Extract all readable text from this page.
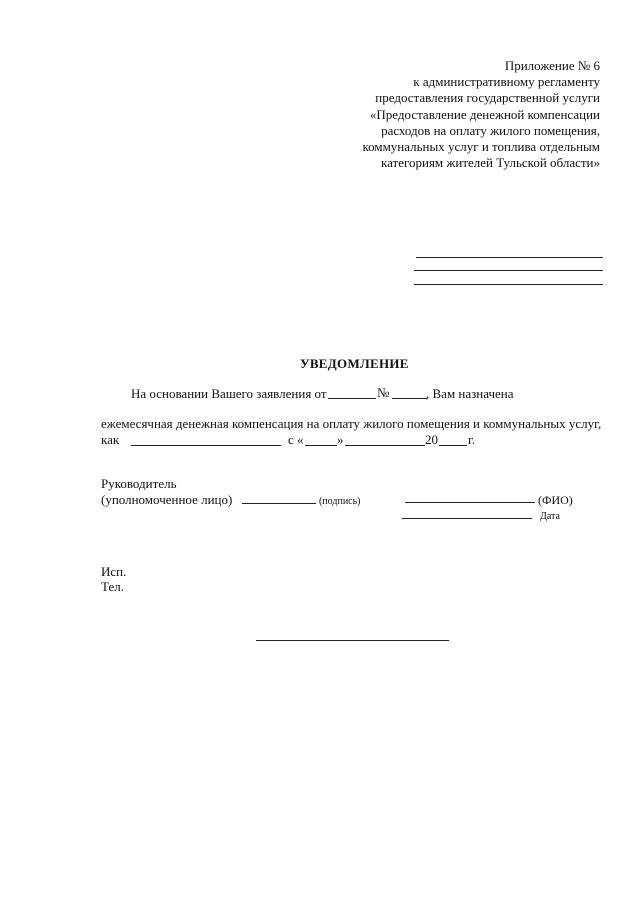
Приложение № 6
к административному регламенту
предоставления государственной услуги
«Предоставление денежной компенсации
расходов на оплату жилого помещения,
коммунальных услуг и топлива отдельным
категориям жителей Тульской области»
УВЕДОМЛЕНИЕ
На основании Вашего заявления от	№	, Вам назначена
ежемесячная денежная компенсация на оплату жилого помещения и коммунальных услуг,
как	с «	»	20 г.
Руководитель
(уполномоченное лицо)	(подпись)	(ФИО)
Дата
Исп.
Тел.
